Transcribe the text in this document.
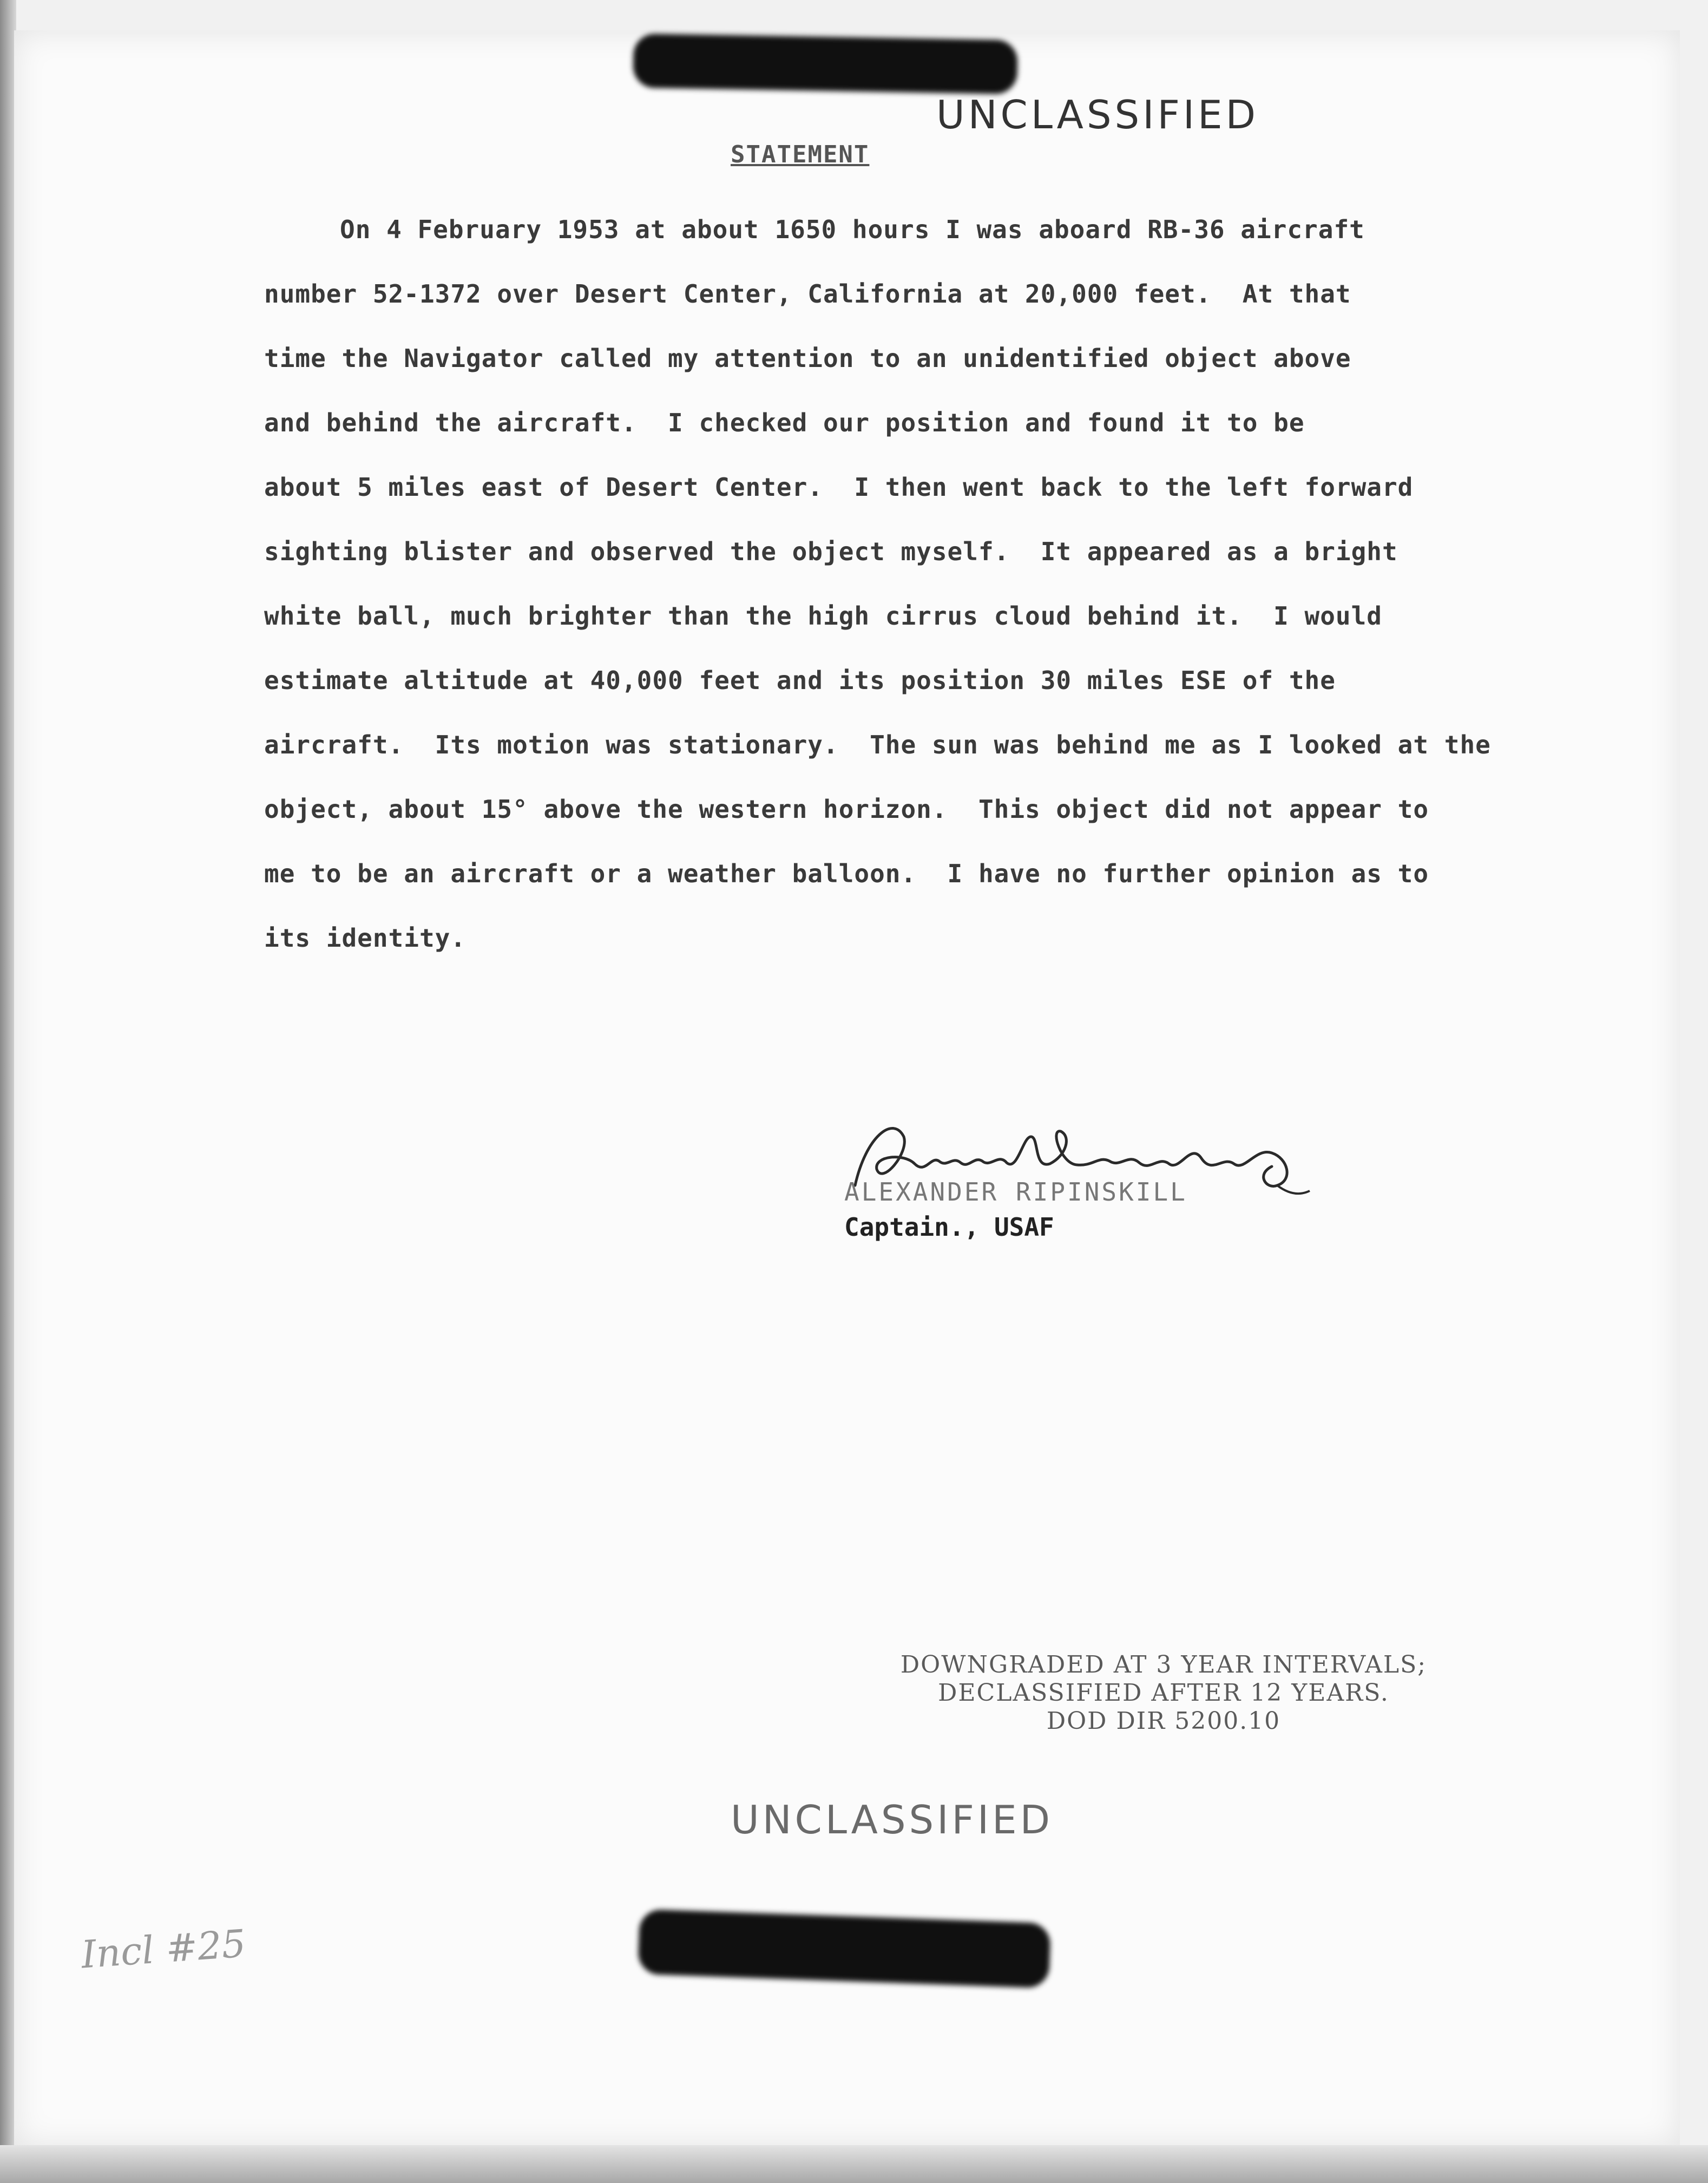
UNCLASSIFIED
STATEMENT
On 4 February 1953 at about 1650 hours I was aboard RB-36 aircraft
number 52-1372 over Desert Center, California at 20,000 feet.  At that
time the Navigator called my attention to an unidentified object above
and behind the aircraft.  I checked our position and found it to be
about 5 miles east of Desert Center.  I then went back to the left forward
sighting blister and observed the object myself.  It appeared as a bright
white ball, much brighter than the high cirrus cloud behind it.  I would
estimate altitude at 40,000 feet and its position 30 miles ESE of the
aircraft.  Its motion was stationary.  The sun was behind me as I looked at the
object, about 15° above the western horizon.  This object did not appear to
me to be an aircraft or a weather balloon.  I have no further opinion as to
its identity.
ALEXANDER RIPINSKILL
Captain., USAF
DOWNGRADED AT 3 YEAR INTERVALS;
DECLASSIFIED AFTER 12 YEARS.
DOD DIR 5200.10
UNCLASSIFIED
Incl #25
